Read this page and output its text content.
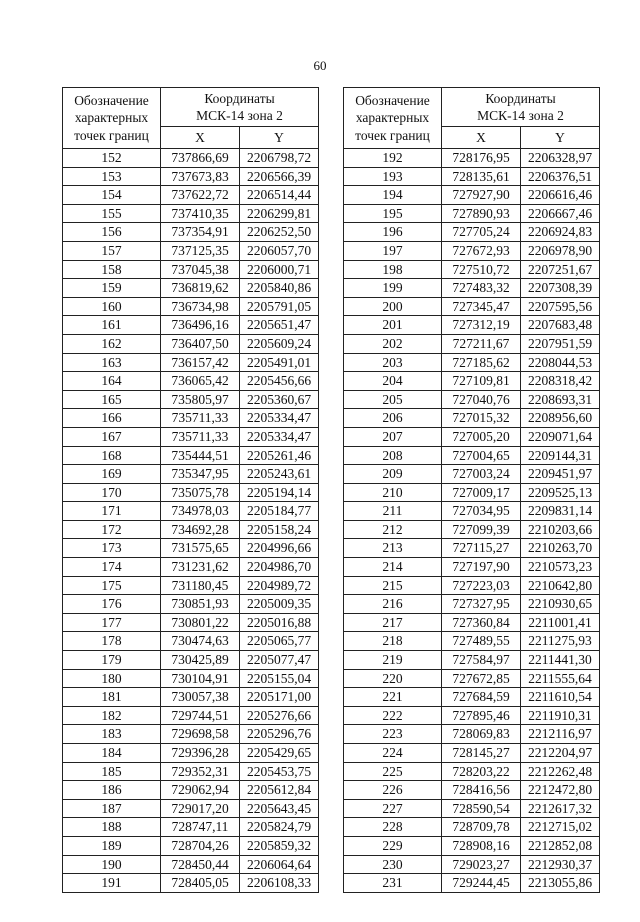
60
Обозначение
характерных
точек границ	Координаты
МСК-14 зона 2	
	X	Y
152	737866,69	2206798,72
153	737673,83	2206566,39
154	737622,72	2206514,44
155	737410,35	2206299,81
156	737354,91	2206252,50
157	737125,35	2206057,70
158	737045,38	2206000,71
159	736819,62	2205840,86
160	736734,98	2205791,05
161	736496,16	2205651,47
162	736407,50	2205609,24
163	736157,42	2205491,01
164	736065,42	2205456,66
165	735805,97	2205360,67
166	735711,33	2205334,47
167	735711,33	2205334,47
168	735444,51	2205261,46
169	735347,95	2205243,61
170	735075,78	2205194,14
171	734978,03	2205184,77
172	734692,28	2205158,24
173	731575,65	2204996,66
174	731231,62	2204986,70
175	731180,45	2204989,72
176	730851,93	2205009,35
177	730801,22	2205016,88
178	730474,63	2205065,77
179	730425,89	2205077,47
180	730104,91	2205155,04
181	730057,38	2205171,00
182	729744,51	2205276,66
183	729698,58	2205296,76
184	729396,28	2205429,65
185	729352,31	2205453,75
186	729062,94	2205612,84
187	729017,20	2205643,45
188	728747,11	2205824,79
189	728704,26	2205859,32
190	728450,44	2206064,64
191	728405,05	2206108,33
Обозначение
характерных
точек границ	Координаты
МСК-14 зона 2	
	X	Y
192	728176,95	2206328,97
193	728135,61	2206376,51
194	727927,90	2206616,46
195	727890,93	2206667,46
196	727705,24	2206924,83
197	727672,93	2206978,90
198	727510,72	2207251,67
199	727483,32	2207308,39
200	727345,47	2207595,56
201	727312,19	2207683,48
202	727211,67	2207951,59
203	727185,62	2208044,53
204	727109,81	2208318,42
205	727040,76	2208693,31
206	727015,32	2208956,60
207	727005,20	2209071,64
208	727004,65	2209144,31
209	727003,24	2209451,97
210	727009,17	2209525,13
211	727034,95	2209831,14
212	727099,39	2210203,66
213	727115,27	2210263,70
214	727197,90	2210573,23
215	727223,03	2210642,80
216	727327,95	2210930,65
217	727360,84	2211001,41
218	727489,55	2211275,93
219	727584,97	2211441,30
220	727672,85	2211555,64
221	727684,59	2211610,54
222	727895,46	2211910,31
223	728069,83	2212116,97
224	728145,27	2212204,97
225	728203,22	2212262,48
226	728416,56	2212472,80
227	728590,54	2212617,32
228	728709,78	2212715,02
229	728908,16	2212852,08
230	729023,27	2212930,37
231	729244,45	2213055,86
